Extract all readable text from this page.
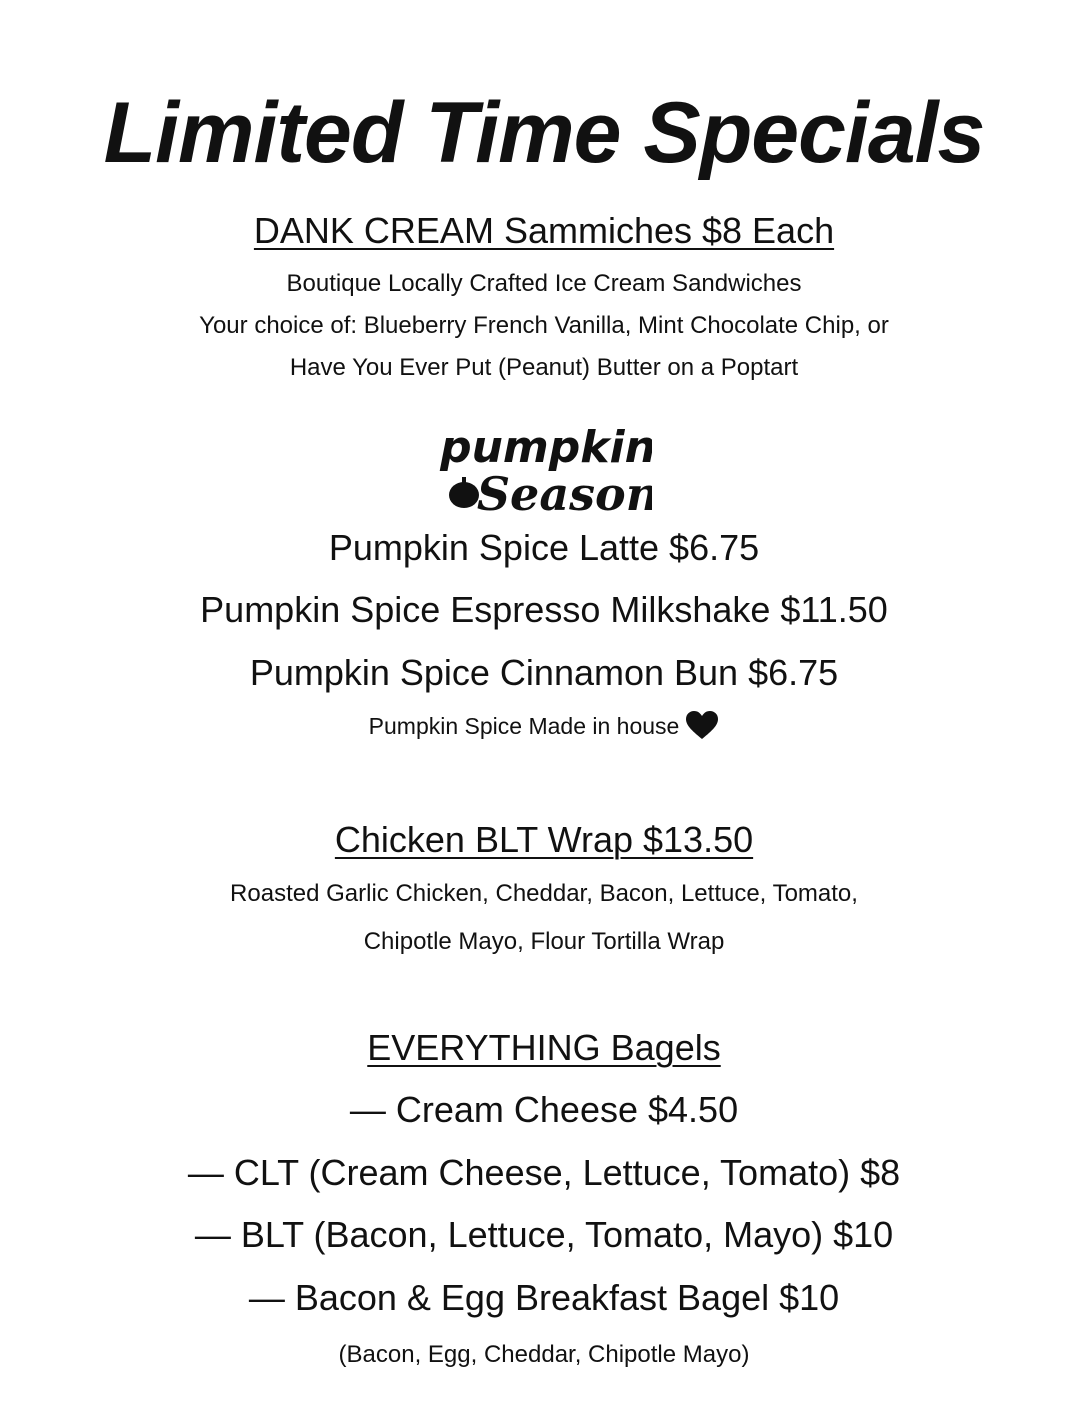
Limited Time Specials
DANK CREAM Sammiches $8 Each
Boutique Locally Crafted Ice Cream Sandwiches
Your choice of: Blueberry French Vanilla, Mint Chocolate Chip, or
Have You Ever Put (Peanut) Butter on a Poptart
pumpkin
Season
Pumpkin Spice Latte $6.75
Pumpkin Spice Espresso Milkshake $11.50
Pumpkin Spice Cinnamon Bun $6.75
Pumpkin Spice Made in house
Chicken BLT Wrap $13.50
Roasted Garlic Chicken, Cheddar, Bacon, Lettuce, Tomato,
Chipotle Mayo, Flour Tortilla Wrap
EVERYTHING Bagels
— Cream Cheese $4.50
— CLT (Cream Cheese, Lettuce, Tomato) $8
— BLT (Bacon, Lettuce, Tomato, Mayo) $10
— Bacon & Egg Breakfast Bagel $10
(Bacon, Egg, Cheddar, Chipotle Mayo)
